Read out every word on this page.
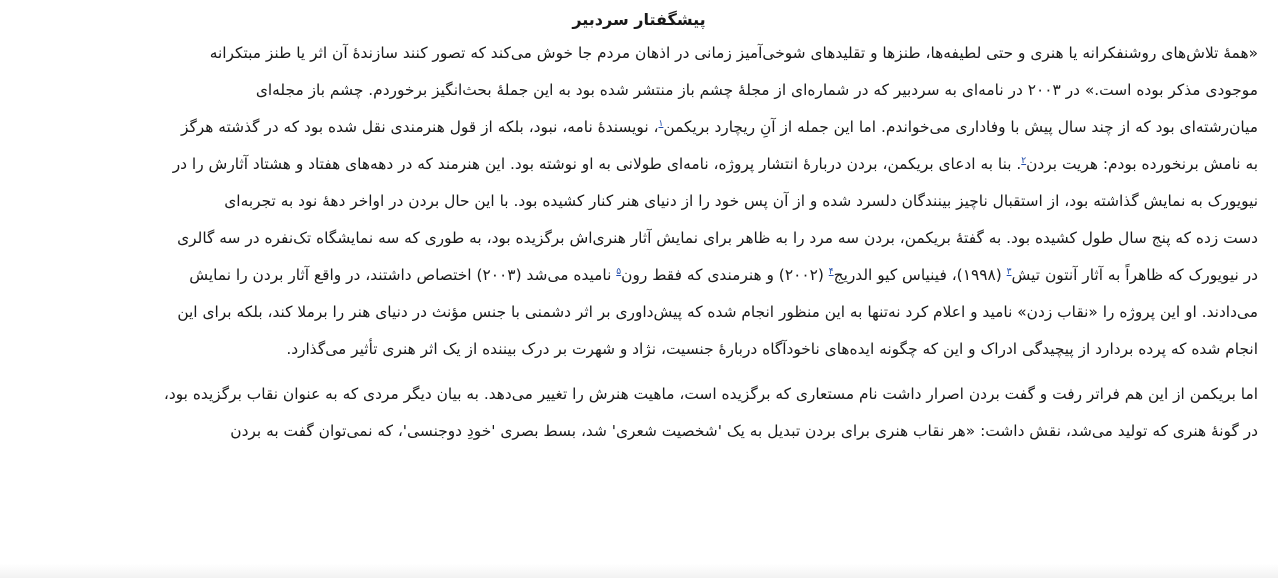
پیشگفتار سردبیر
«همهٔ تلاش‌های روشنفکرانه یا هنری و حتی لطیفه‌ها، طنزها و تقلیدهای شوخی‌آمیز زمانی در اذهان مردم جا خوش می‌کند که تصور کنند سازندهٔ آن اثر یا طنز مبتکرانه
موجودی مذکر بوده است.» در ۲۰۰۳ در نامه‌ای به سردبیر که در شماره‌ای از مجلهٔ چشم باز منتشر شده بود به این جملهٔ بحث‌انگیز برخوردم. چشم باز مجله‌ای
میان‌رشته‌ای بود که از چند سال پیش با وفاداری می‌خواندم. اما این جمله از آنِ ریچارد بریکمن$^۱$، نویسندهٔ نامه، نبود، بلکه از قول هنرمندی نقل شده بود که در گذشته هرگز
به نامش برنخورده بودم: هریت بردن$^۲$. بنا به ادعای بریکمن، بردن دربارهٔ انتشار پروژه، نامه‌ای طولانی به او نوشته بود. این هنرمند که در دهه‌های هفتاد و هشتاد آثارش را در
نیویورک به نمایش گذاشته بود، از استقبال ناچیز بینندگان دلسرد شده و از آن پس خود را از دنیای هنر کنار کشیده بود. با این حال بردن در اواخر دههٔ نود به تجربه‌ای
دست زده که پنج سال طول کشیده بود. به گفتهٔ بریکمن، بردن سه مرد را به ظاهر برای نمایش آثار هنری‌اش برگزیده بود، به طوری که سه نمایشگاه تک‌نفره در سه گالری
در نیویورک که ظاهراً به آثار آنتون تیش$^۳$ (۱۹۹۸)، فینیاس کیو الدریج$^۴$ (۲۰۰۲) و هنرمندی که فقط رون$^۵$ نامیده می‌شد (۲۰۰۳) اختصاص داشتند، در واقع آثار بردن را نمایش
می‌دادند. او این پروژه را «نقاب زدن» نامید و اعلام کرد نه‌تنها به این منظور انجام شده که پیش‌داوری بر اثر دشمنی با جنس مؤنث در دنیای هنر را برملا کند، بلکه برای این
انجام شده که پرده بردارد از پیچیدگی ادراک و این که چگونه ایده‌های ناخودآگاه دربارهٔ جنسیت، نژاد و شهرت بر درک بیننده از یک اثر هنری تأثیر می‌گذارد.
اما بریکمن از این هم فراتر رفت و گفت بردن اصرار داشت نام مستعاری که برگزیده است، ماهیت هنرش را تغییر می‌دهد. به بیان دیگر مردی که به عنوان نقاب برگزیده بود،
در گونهٔ هنری که تولید می‌شد، نقش داشت: «هر نقاب هنری برای بردن تبدیل به یک 'شخصیت شعری' شد، بسط بصری 'خودِ دوجنسی'، که نمی‌توان گفت به بردن
